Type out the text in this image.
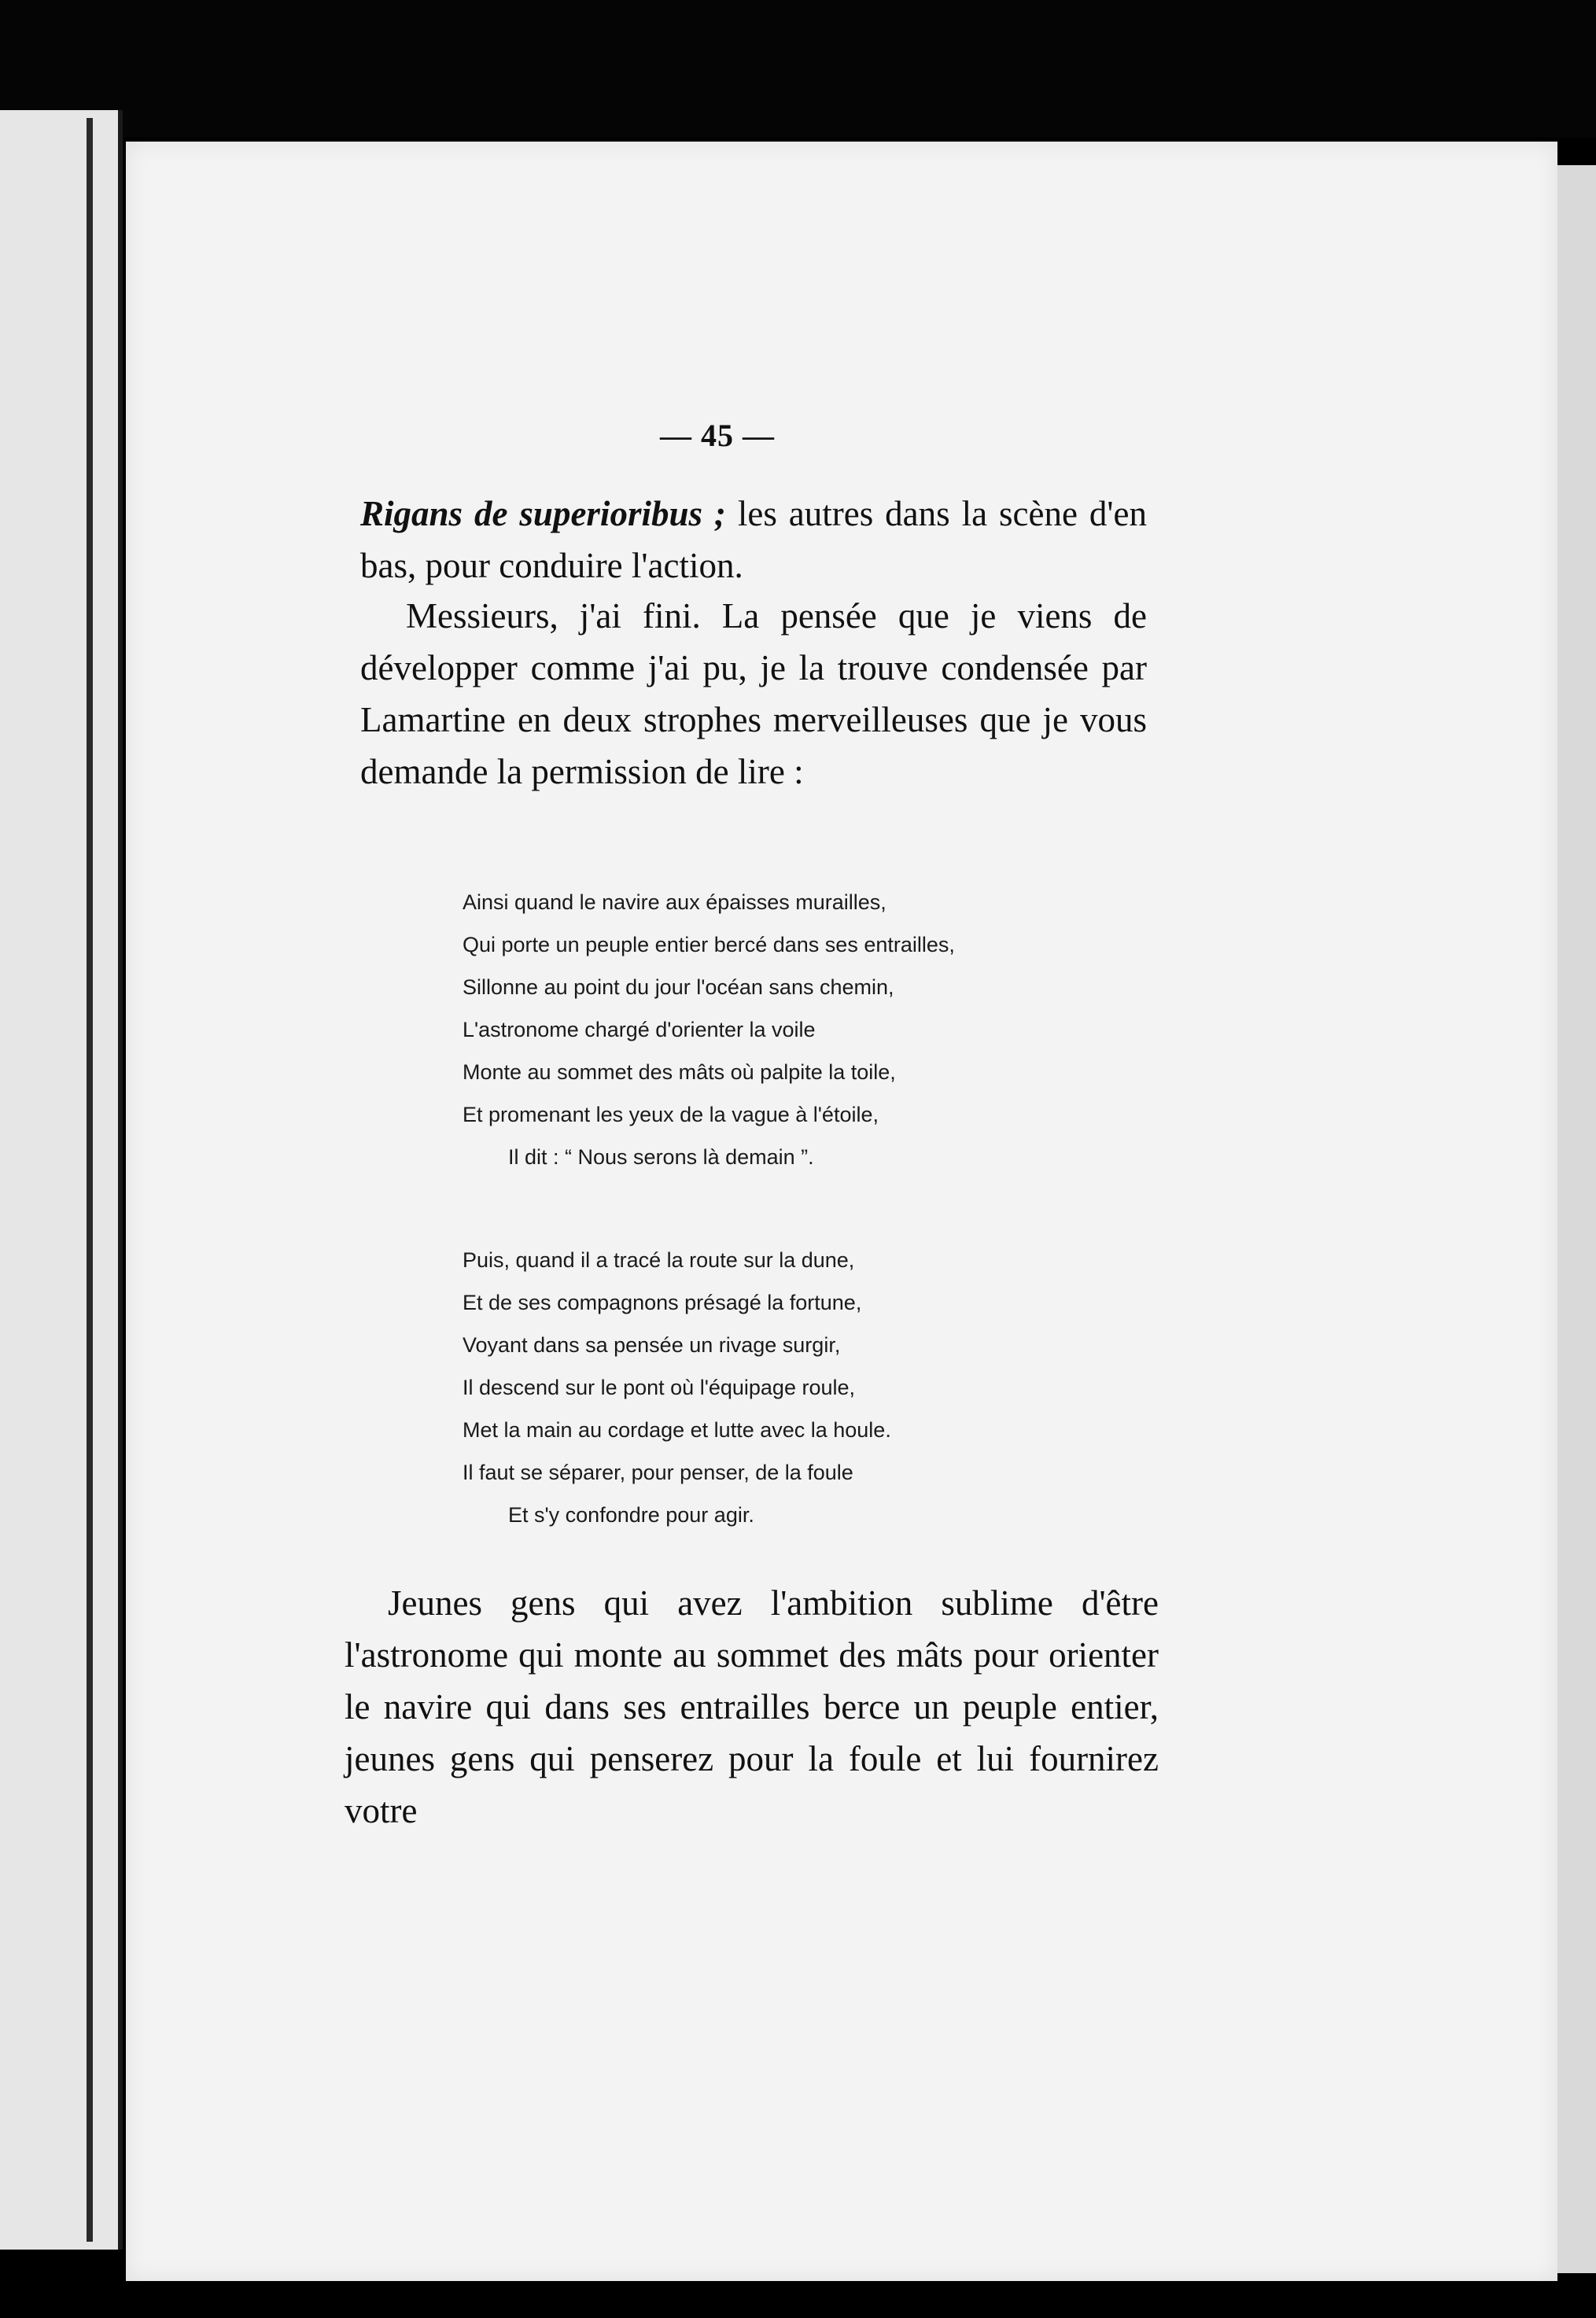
— 45 —
Rigans de superioribus ; les autres dans la scène d'en bas, pour conduire l'action.
Messieurs, j'ai fini. La pensée que je viens de développer comme j'ai pu, je la trouve condensée par Lamartine en deux strophes merveilleuses que je vous demande la permission de lire :
Ainsi quand le navire aux épaisses murailles,
Qui porte un peuple entier bercé dans ses entrailles,
Sillonne au point du jour l'océan sans chemin,
L'astronome chargé d'orienter la voile
Monte au sommet des mâts où palpite la toile,
Et promenant les yeux de la vague à l'étoile,
Il dit : “ Nous serons là demain ”.
Puis, quand il a tracé la route sur la dune,
Et de ses compagnons présagé la fortune,
Voyant dans sa pensée un rivage surgir,
Il descend sur le pont où l'équipage roule,
Met la main au cordage et lutte avec la houle.
Il faut se séparer, pour penser, de la foule
Et s'y confondre pour agir.
Jeunes gens qui avez l'ambition sublime d'être l'astronome qui monte au sommet des mâts pour orienter le navire qui dans ses entrailles berce un peuple entier, jeunes gens qui penserez pour la foule et lui fournirez votre
